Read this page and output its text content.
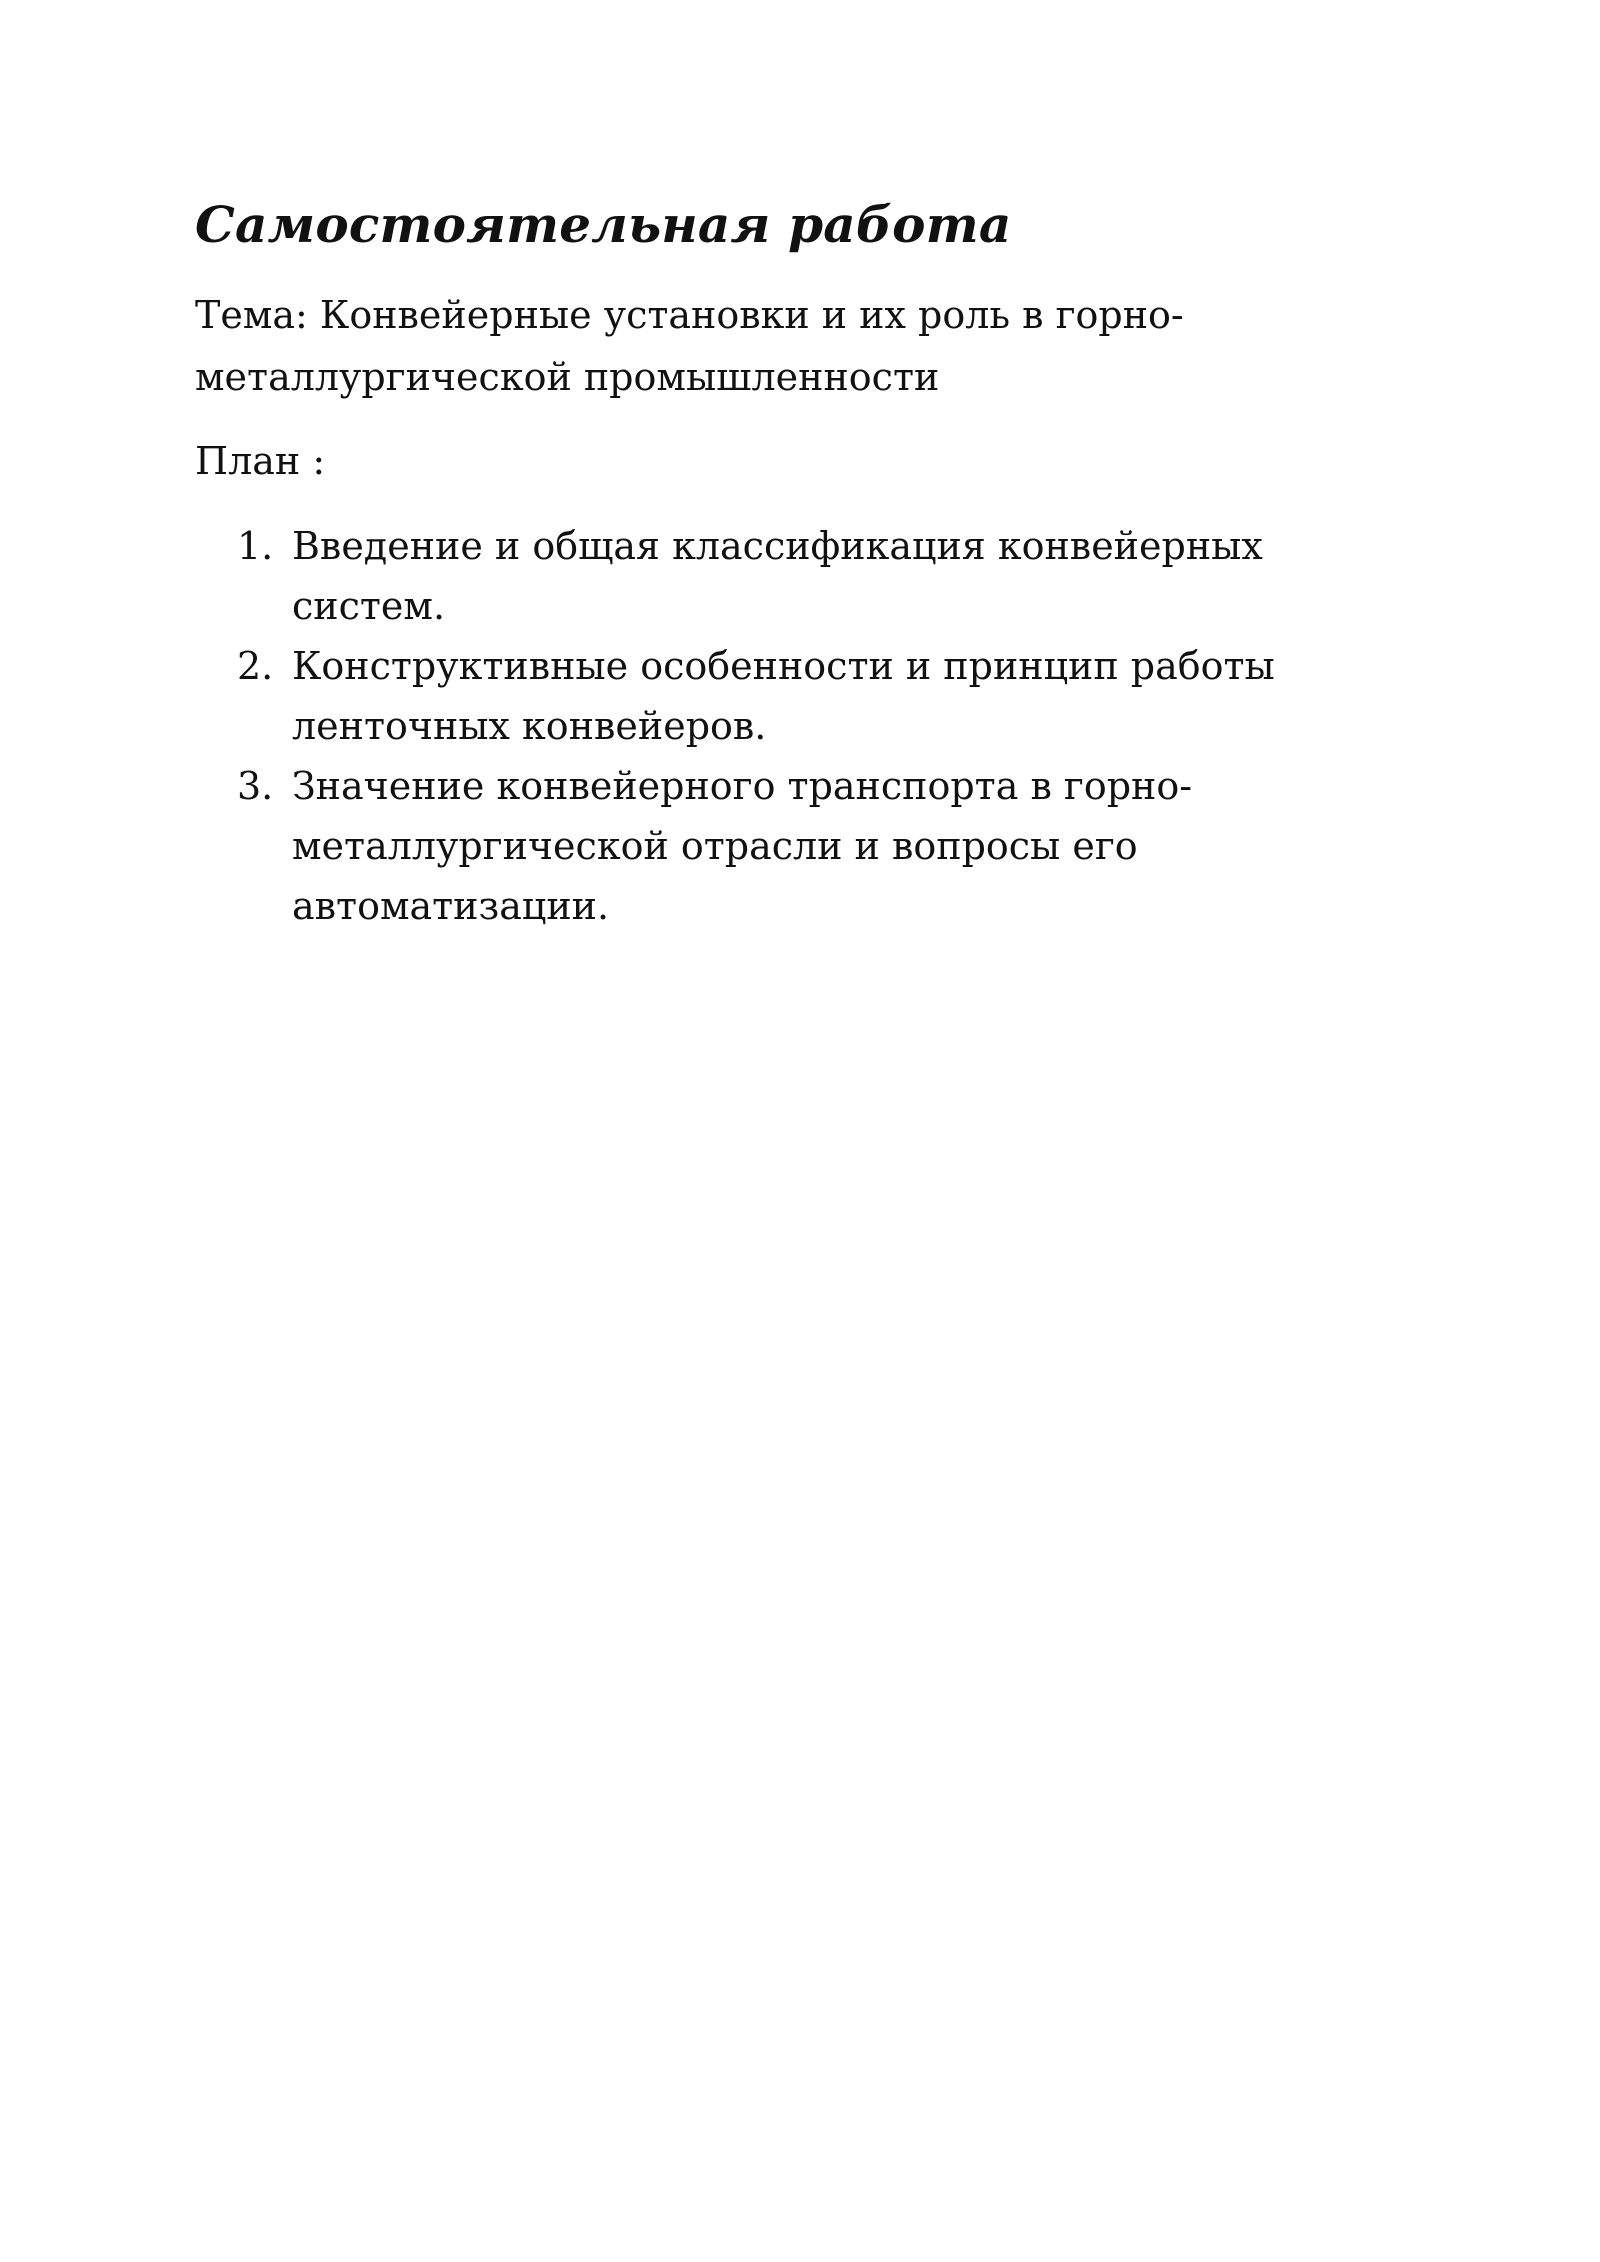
Самостоятельная работа

Тема: Конвейерные установки и их роль в горно-металлургической промышленности

План :

1. Введение и общая классификация конвейерных систем.
2. Конструктивные особенности и принцип работы ленточных конвейеров.
3. Значение конвейерного транспорта в горно-металлургической отрасли и вопросы его автоматизации.
